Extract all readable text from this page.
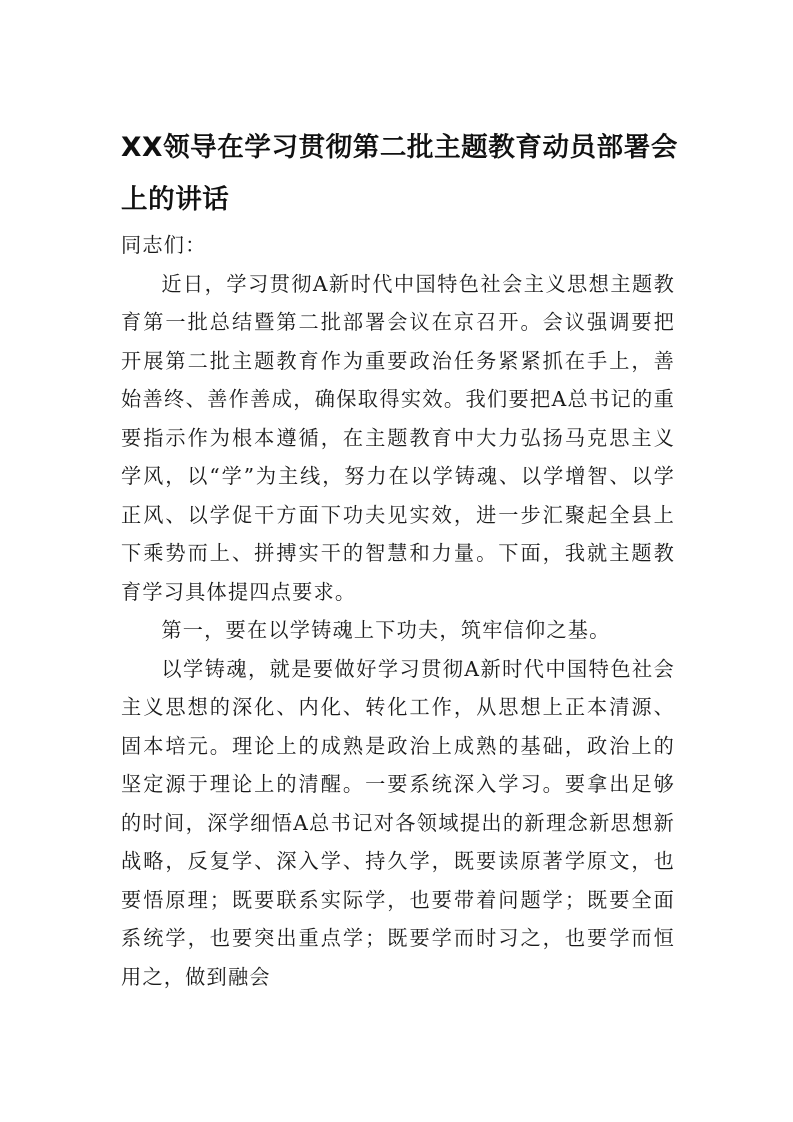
XX领导在学习贯彻第二批主题教育动员部署会上的讲话

同志们：

近日，学习贯彻A新时代中国特色社会主义思想主题教育第一批总结暨第二批部署会议在京召开。会议强调要把开展第二批主题教育作为重要政治任务紧紧抓在手上，善始善终、善作善成，确保取得实效。我们要把A总书记的重要指示作为根本遵循，在主题教育中大力弘扬马克思主义学风，以“学”为主线，努力在以学铸魂、以学增智、以学正风、以学促干方面下功夫见实效，进一步汇聚起全县上下乘势而上、拼搏实干的智慧和力量。下面，我就主题教育学习具体提四点要求。

第一，要在以学铸魂上下功夫，筑牢信仰之基。

以学铸魂，就是要做好学习贯彻A新时代中国特色社会主义思想的深化、内化、转化工作，从思想上正本清源、固本培元。理论上的成熟是政治上成熟的基础，政治上的坚定源于理论上的清醒。一要系统深入学习。要拿出足够的时间，深学细悟A总书记对各领域提出的新理念新思想新战略，反复学、深入学、持久学，既要读原著学原文，也要悟原理；既要联系实际学，也要带着问题学；既要全面系统学，也要突出重点学；既要学而时习之，也要学而恒用之，做到融会
